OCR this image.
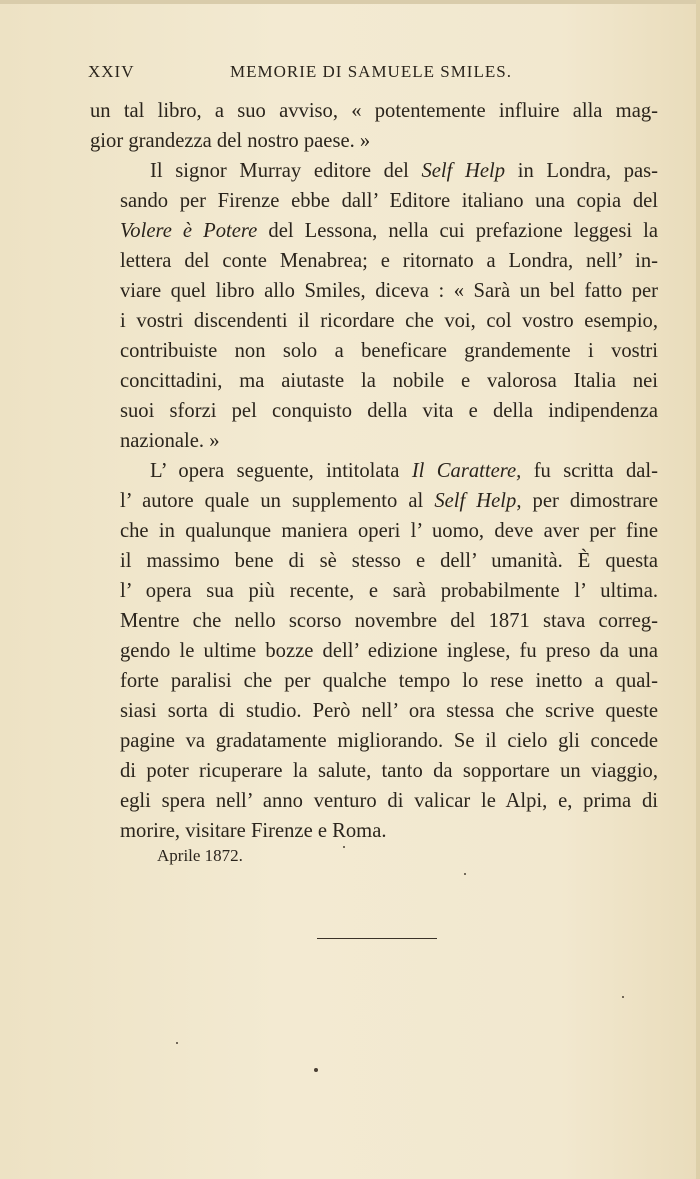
XXIV	MEMORIE DI SAMUELE SMILES.

un tal libro, a suo avviso, « potentemente influire alla mag-
gior grandezza del nostro paese. »

Il signor Murray editore del Self Help in Londra, pas-
sando per Firenze ebbe dall’ Editore italiano una copia del
Volere è Potere del Lessona, nella cui prefazione leggesi la
lettera del conte Menabrea; e ritornato a Londra, nell’ in-
viare quel libro allo Smiles, diceva : « Sarà un bel fatto per
i vostri discendenti il ricordare che voi, col vostro esempio,
contribuiste non solo a beneficare grandemente i vostri
concittadini, ma aiutaste la nobile e valorosa Italia nei
suoi sforzi pel conquisto della vita e della indipendenza
nazionale. »

L’ opera seguente, intitolata Il Carattere, fu scritta dal-
l’ autore quale un supplemento al Self Help, per dimostrare
che in qualunque maniera operi l’ uomo, deve aver per fine
il massimo bene di sè stesso e dell’ umanità. È questa
l’ opera sua più recente, e sarà probabilmente l’ ultima.
Mentre che nello scorso novembre del 1871 stava correg-
gendo le ultime bozze dell’ edizione inglese, fu preso da una
forte paralisi che per qualche tempo lo rese inetto a qual-
siasi sorta di studio. Però nell’ ora stessa che scrive queste
pagine va gradatamente migliorando. Se il cielo gli concede
di poter ricuperare la salute, tanto da sopportare un viaggio,
egli spera nell’ anno venturo di valicar le Alpi, e, prima di
morire, visitare Firenze e Roma.

Aprile 1872.
